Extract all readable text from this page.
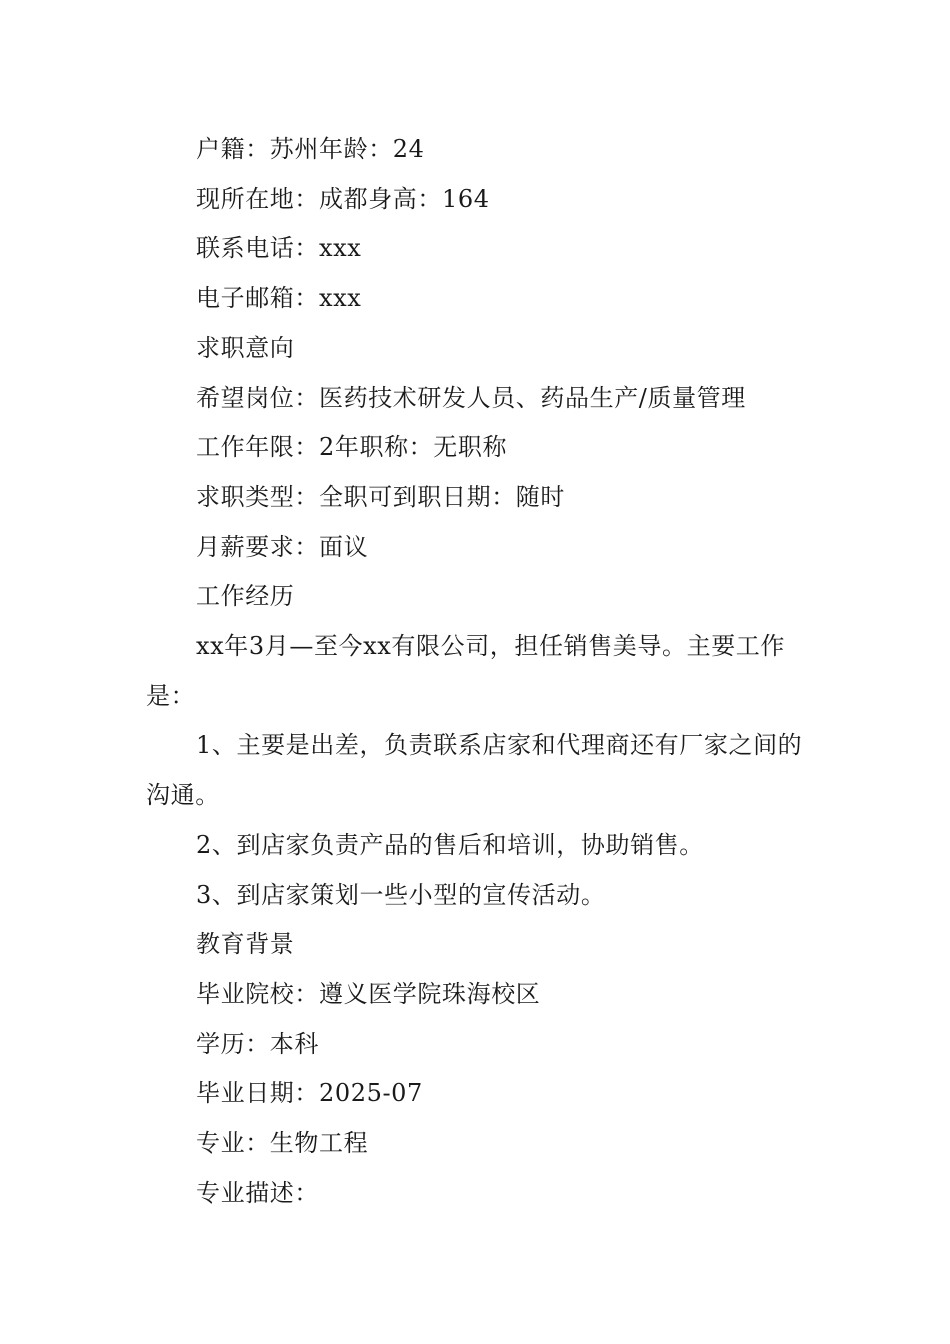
户籍：苏州年龄：24

现所在地：成都身高：164

联系电话：xxx

电子邮箱：xxx

求职意向

希望岗位：医药技术研发人员、药品生产/质量管理

工作年限：2年职称：无职称

求职类型：全职可到职日期：随时

月薪要求：面议

工作经历

xx年3月—至今xx有限公司，担任销售美导。主要工作是：

1、主要是出差，负责联系店家和代理商还有厂家之间的沟通。

2、到店家负责产品的售后和培训，协助销售。

3、到店家策划一些小型的宣传活动。

教育背景

毕业院校：遵义医学院珠海校区

学历：本科

毕业日期：2025-07

专业：生物工程

专业描述：
